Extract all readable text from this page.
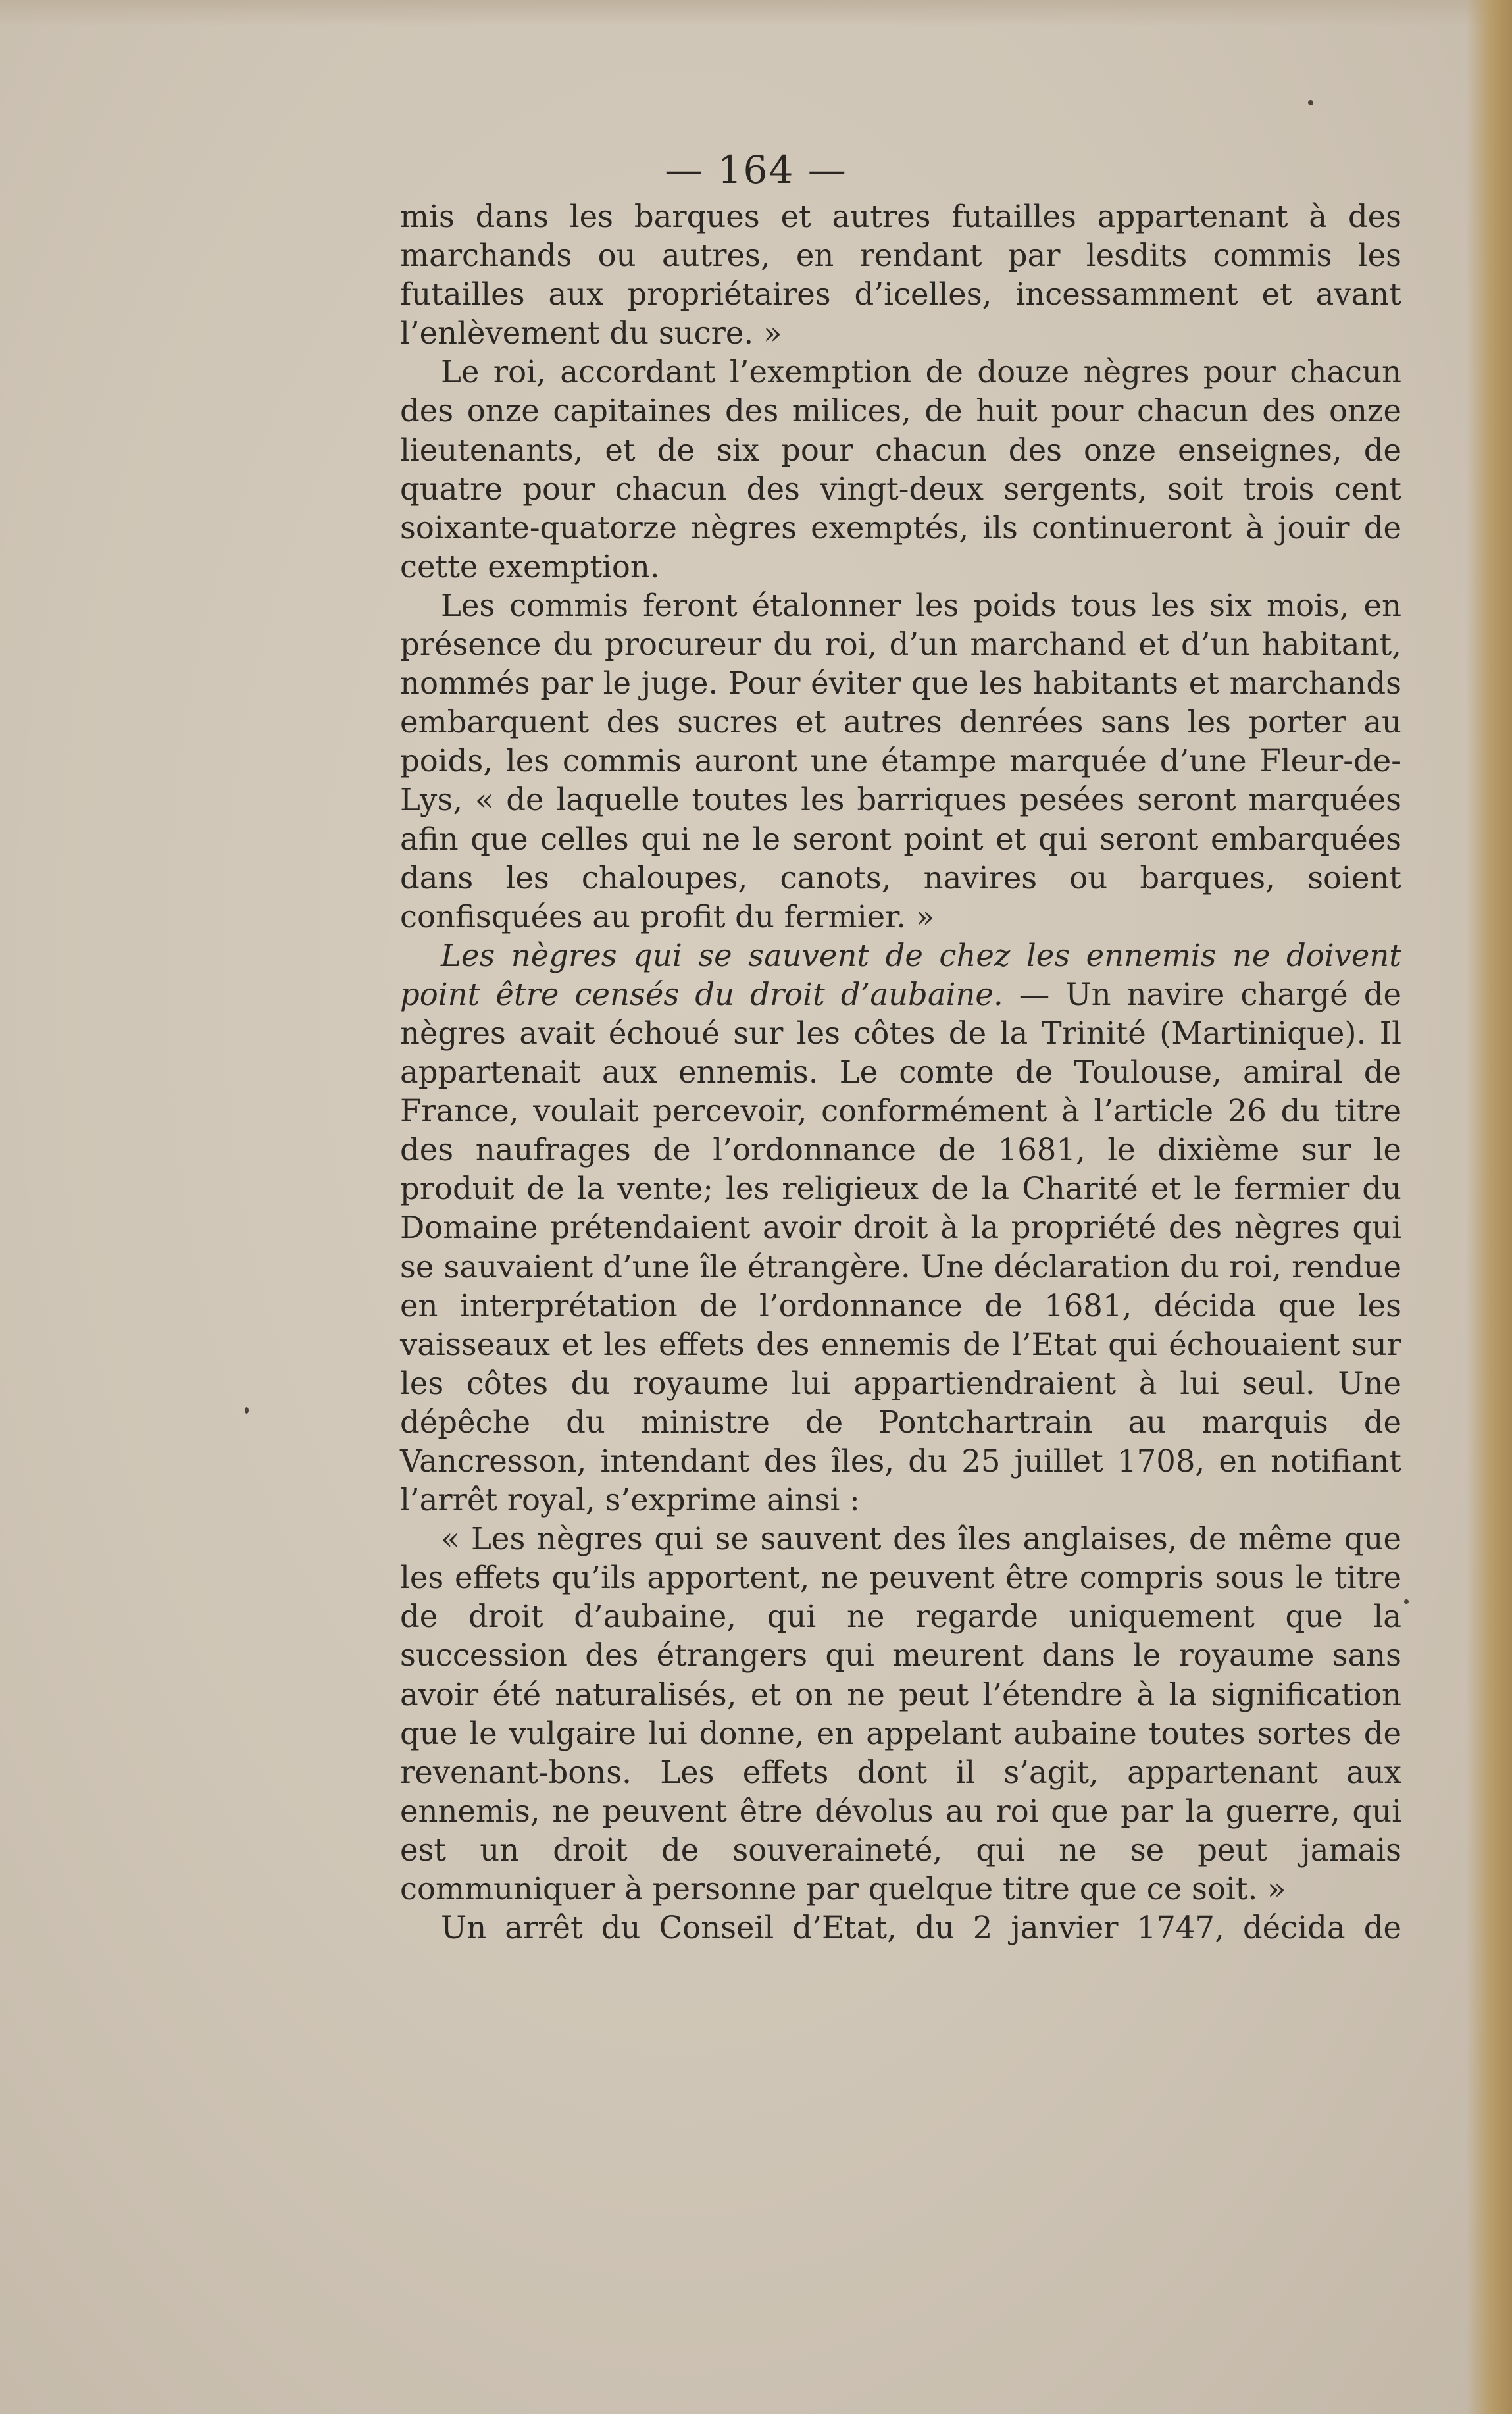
— 164 —

mis dans les barques et autres futailles appartenant à des marchands ou autres, en rendant par lesdits commis les futailles aux propriétaires d’icelles, incessamment et avant l’enlèvement du sucre. »

Le roi, accordant l’exemption de douze nègres pour chacun des onze capitaines des milices, de huit pour chacun des onze lieutenants, et de six pour chacun des onze enseignes, de quatre pour chacun des vingt-deux sergents, soit trois cent soixante-quatorze nègres exemptés, ils continueront à jouir de cette exemption.

Les commis feront étalonner les poids tous les six mois, en présence du procureur du roi, d’un marchand et d’un habitant, nommés par le juge. Pour éviter que les habitants et marchands embarquent des sucres et autres denrées sans les porter au poids, les commis auront une étampe marquée d’une Fleur-de-Lys, « de laquelle toutes les barriques pesées seront marquées afin que celles qui ne le seront point et qui seront embarquées dans les chaloupes, canots, navires ou barques, soient confisquées au profit du fermier. »

Les nègres qui se sauvent de chez les ennemis ne doivent point être censés du droit d’aubaine. — Un navire chargé de nègres avait échoué sur les côtes de la Trinité (Martinique). Il appartenait aux ennemis. Le comte de Toulouse, amiral de France, voulait percevoir, conformément à l’article 26 du titre des naufrages de l’ordonnance de 1681, le dixième sur le produit de la vente; les religieux de la Charité et le fermier du Domaine prétendaient avoir droit à la propriété des nègres qui se sauvaient d’une île étrangère. Une déclaration du roi, rendue en interprétation de l’ordonnance de 1681, décida que les vaisseaux et les effets des ennemis de l’Etat qui échouaient sur les côtes du royaume lui appartiendraient à lui seul. Une dépêche du ministre de Pontchartrain au marquis de Vancresson, intendant des îles, du 25 juillet 1708, en notifiant l’arrêt royal, s’exprime ainsi :

« Les nègres qui se sauvent des îles anglaises, de même que les effets qu’ils apportent, ne peuvent être compris sous le titre de droit d’aubaine, qui ne regarde uniquement que la succession des étrangers qui meurent dans le royaume sans avoir été naturalisés, et on ne peut l’étendre à la signification que le vulgaire lui donne, en appelant aubaine toutes sortes de revenant-bons. Les effets dont il s’agit, appartenant aux ennemis, ne peuvent être dévolus au roi que par la guerre, qui est un droit de souveraineté, qui ne se peut jamais communiquer à personne par quelque titre que ce soit. »

Un arrêt du Conseil d’Etat, du 2 janvier 1747, décida de
